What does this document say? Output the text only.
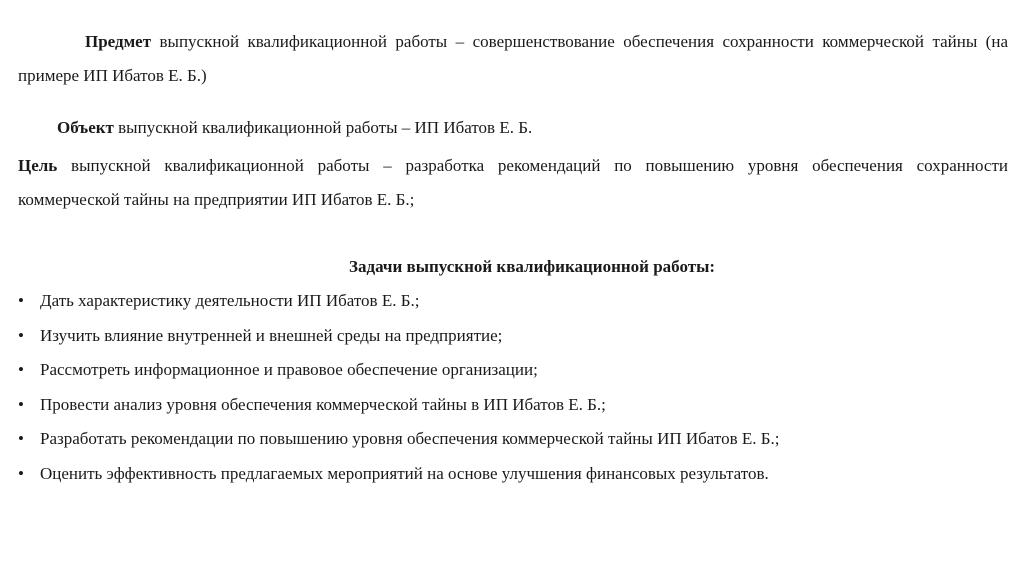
Предмет выпускной квалификационной работы – совершенствование обеспечения сохранности коммерческой тайны (на примере ИП Ибатов Е. Б.)

Объект выпускной квалификационной работы – ИП Ибатов Е. Б.

Цель выпускной квалификационной работы – разработка рекомендаций по повышению уровня обеспечения сохранности коммерческой тайны на предприятии ИП Ибатов Е. Б.;

Задачи выпускной квалификационной работы:
• Дать характеристику деятельности ИП Ибатов Е. Б.;
• Изучить влияние внутренней и внешней среды на предприятие;
• Рассмотреть информационное и правовое обеспечение организации;
• Провести анализ уровня обеспечения коммерческой тайны в ИП Ибатов Е. Б.;
• Разработать рекомендации по повышению уровня обеспечения коммерческой тайны ИП Ибатов Е. Б.;
• Оценить эффективность предлагаемых мероприятий на основе улучшения финансовых результатов.
